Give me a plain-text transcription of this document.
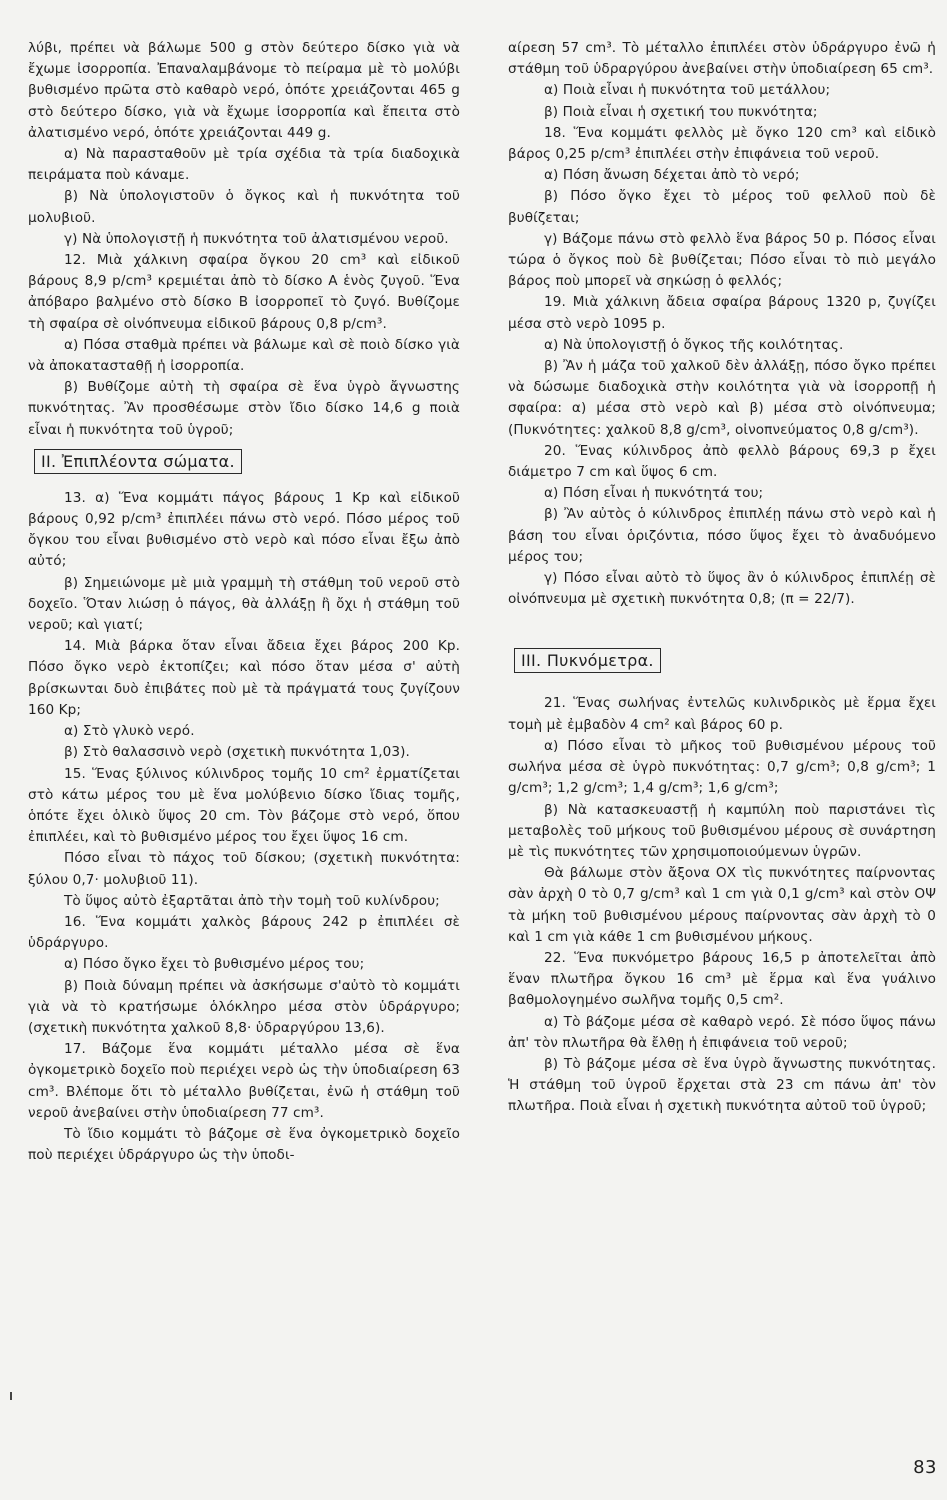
λύβι, πρέπει νὰ βάλωμε 500 g στὸν δεύτερο δίσκο γιὰ νὰ ἔχωμε ἰσορροπία. Ἐπαναλαμβάνομε τὸ πείραμα μὲ τὸ μολύβι βυθισμένο πρῶτα στὸ καθαρὸ νερό, ὁπότε χρειάζονται 465 g στὸ δεύτερο δίσκο, γιὰ νὰ ἔχωμε ἰσορροπία καὶ ἔπειτα στὸ ἀλατισμένο νερό, ὁπότε χρειάζονται 449 g.

α) Νὰ παρασταθοῦν μὲ τρία σχέδια τὰ τρία διαδοχικὰ πειράματα ποὺ κάναμε.

β) Νὰ ὑπολογιστοῦν ὁ ὄγκος καὶ ἡ πυκνότητα τοῦ μολυβιοῦ.

γ) Νὰ ὑπολογιστῇ ἡ πυκνότητα τοῦ ἀλατισμένου νεροῦ.

12. Μιὰ χάλκινη σφαίρα ὄγκου 20 cm³ καὶ εἰδικοῦ βάρους 8,9 p/cm³ κρεμιέται ἀπὸ τὸ δίσκο Α ἑνὸς ζυγοῦ. Ἕνα ἀπόβαρο βαλμένο στὸ δίσκο Β ἰσορροπεῖ τὸ ζυγό. Βυθίζομε τὴ σφαίρα σὲ οἰνόπνευμα εἰδικοῦ βάρους 0,8 p/cm³.

α) Πόσα σταθμὰ πρέπει νὰ βάλωμε καὶ σὲ ποιὸ δίσκο γιὰ νὰ ἀποκατασταθῇ ἡ ἰσορροπία.

β) Βυθίζομε αὐτὴ τὴ σφαίρα σὲ ἕνα ὑγρὸ ἄγνωστης πυκνότητας. Ἂν προσθέσωμε στὸν ἴδιο δίσκο 14,6 g ποιὰ εἶναι ἡ πυκνότητα τοῦ ὑγροῦ;

II. Ἐπιπλέοντα σώματα.

13. α) Ἕνα κομμάτι πάγος βάρους 1 Kp καὶ εἰδικοῦ βάρους 0,92 p/cm³ ἐπιπλέει πάνω στὸ νερό. Πόσο μέρος τοῦ ὄγκου του εἶναι βυθισμένο στὸ νερὸ καὶ πόσο εἶναι ἔξω ἀπὸ αὐτό;

β) Σημειώνομε μὲ μιὰ γραμμὴ τὴ στάθμη τοῦ νεροῦ στὸ δοχεῖο. Ὅταν λιώσῃ ὁ πάγος, θὰ ἀλλάξῃ ἢ ὄχι ἡ στάθμη τοῦ νεροῦ; καὶ γιατί;

14. Μιὰ βάρκα ὅταν εἶναι ἄδεια ἔχει βάρος 200 Kp. Πόσο ὄγκο νερὸ ἐκτοπίζει; καὶ πόσο ὅταν μέσα σ' αὐτὴ βρίσκωνται δυὸ ἐπιβάτες ποὺ μὲ τὰ πράγματά τους ζυγίζουν 160 Kp;

α) Στὸ γλυκὸ νερό.

β) Στὸ θαλασσινὸ νερὸ (σχετικὴ πυκνότητα 1,03).

15. Ἕνας ξύλινος κύλινδρος τομῆς 10 cm² ἐρματίζεται στὸ κάτω μέρος του μὲ ἕνα μολύβενιο δίσκο ἴδιας τομῆς, ὁπότε ἔχει ὁλικὸ ὕψος 20 cm. Τὸν βάζομε στὸ νερό, ὅπου ἐπιπλέει, καὶ τὸ βυθισμένο μέρος του ἔχει ὕψος 16 cm.

Πόσο εἶναι τὸ πάχος τοῦ δίσκου; (σχετικὴ πυκνότητα: ξύλου 0,7· μολυβιοῦ 11).

Τὸ ὕψος αὐτὸ ἐξαρτᾶται ἀπὸ τὴν τομὴ τοῦ κυλίνδρου;

16. Ἕνα κομμάτι χαλκὸς βάρους 242 p ἐπιπλέει σὲ ὑδράργυρο.

α) Πόσο ὄγκο ἔχει τὸ βυθισμένο μέρος του;

β) Ποιὰ δύναμη πρέπει νὰ ἀσκήσωμε σ'αὐτὸ τὸ κομμάτι γιὰ νὰ τὸ κρατήσωμε ὁλόκληρο μέσα στὸν ὑδράργυρο; (σχετικὴ πυκνότητα χαλκοῦ 8,8· ὑδραργύρου 13,6).

17. Βάζομε ἕνα κομμάτι μέταλλο μέσα σὲ ἕνα ὀγκομετρικὸ δοχεῖο ποὺ περιέχει νερὸ ὡς τὴν ὑποδιαίρεση 63 cm³. Βλέπομε ὅτι τὸ μέταλλο βυθίζεται, ἐνῶ ἡ στάθμη τοῦ νεροῦ ἀνεβαίνει στὴν ὑποδιαίρεση 77 cm³.

Τὸ ἴδιο κομμάτι τὸ βάζομε σὲ ἕνα ὀγκομετρικὸ δοχεῖο ποὺ περιέχει ὑδράργυρο ὡς τὴν ὑποδι-

αίρεση 57 cm³. Τὸ μέταλλο ἐπιπλέει στὸν ὑδράργυρο ἐνῶ ἡ στάθμη τοῦ ὑδραργύρου ἀνεβαίνει στὴν ὑποδιαίρεση 65 cm³.

α) Ποιὰ εἶναι ἡ πυκνότητα τοῦ μετάλλου;

β) Ποιὰ εἶναι ἡ σχετική του πυκνότητα;

18. Ἕνα κομμάτι φελλὸς μὲ ὄγκο 120 cm³ καὶ εἰδικὸ βάρος 0,25 p/cm³ ἐπιπλέει στὴν ἐπιφάνεια τοῦ νεροῦ.

α) Πόση ἄνωση δέχεται ἀπὸ τὸ νερό;

β) Πόσο ὄγκο ἔχει τὸ μέρος τοῦ φελλοῦ ποὺ δὲ βυθίζεται;

γ) Βάζομε πάνω στὸ φελλὸ ἕνα βάρος 50 p. Πόσος εἶναι τώρα ὁ ὄγκος ποὺ δὲ βυθίζεται; Πόσο εἶναι τὸ πιὸ μεγάλο βάρος ποὺ μπορεῖ νὰ σηκώσῃ ὁ φελλός;

19. Μιὰ χάλκινη ἄδεια σφαίρα βάρους 1320 p, ζυγίζει μέσα στὸ νερὸ 1095 p.

α) Νὰ ὑπολογιστῇ ὁ ὄγκος τῆς κοιλότητας.

β) Ἂν ἡ μάζα τοῦ χαλκοῦ δὲν ἀλλάξῃ, πόσο ὄγκο πρέπει νὰ δώσωμε διαδοχικὰ στὴν κοιλότητα γιὰ νὰ ἰσορροπῇ ἡ σφαίρα: α) μέσα στὸ νερὸ καὶ β) μέσα στὸ οἰνόπνευμα; (Πυκνότητες: χαλκοῦ 8,8 g/cm³, οἰνοπνεύματος 0,8 g/cm³).

20. Ἕνας κύλινδρος ἀπὸ φελλὸ βάρους 69,3 p ἔχει διάμετρο 7 cm καὶ ὕψος 6 cm.

α) Πόση εἶναι ἡ πυκνότητά του;

β) Ἂν αὐτὸς ὁ κύλινδρος ἐπιπλέῃ πάνω στὸ νερὸ καὶ ἡ βάση του εἶναι ὁριζόντια, πόσο ὕψος ἔχει τὸ ἀναδυόμενο μέρος του;

γ) Πόσο εἶναι αὐτὸ τὸ ὕψος ἂν ὁ κύλινδρος ἐπιπλέῃ σὲ οἰνόπνευμα μὲ σχετικὴ πυκνότητα 0,8; (π = 22/7).

III. Πυκνόμετρα.

21. Ἕνας σωλήνας ἐντελῶς κυλινδρικὸς μὲ ἕρμα ἔχει τομὴ μὲ ἐμβαδὸν 4 cm² καὶ βάρος 60 p.

α) Πόσο εἶναι τὸ μῆκος τοῦ βυθισμένου μέρους τοῦ σωλήνα μέσα σὲ ὑγρὸ πυκνότητας: 0,7 g/cm³; 0,8 g/cm³; 1 g/cm³; 1,2 g/cm³; 1,4 g/cm³; 1,6 g/cm³;

β) Νὰ κατασκευαστῇ ἡ καμπύλη ποὺ παριστάνει τὶς μεταβολὲς τοῦ μήκους τοῦ βυθισμένου μέρους σὲ συνάρτηση μὲ τὶς πυκνότητες τῶν χρησιμοποιούμενων ὑγρῶν.

Θὰ βάλωμε στὸν ἄξονα ΟΧ τὶς πυκνότητες παίρνοντας σὰν ἀρχὴ 0 τὸ 0,7 g/cm³ καὶ 1 cm γιὰ 0,1 g/cm³ καὶ στὸν ΟΨ τὰ μήκη τοῦ βυθισμένου μέρους παίρνοντας σὰν ἀρχὴ τὸ 0 καὶ 1 cm γιὰ κάθε 1 cm βυθισμένου μήκους.

22. Ἕνα πυκνόμετρο βάρους 16,5 p ἀποτελεῖται ἀπὸ ἕναν πλωτῆρα ὄγκου 16 cm³ μὲ ἕρμα καὶ ἕνα γυάλινο βαθμολογημένο σωλῆνα τομῆς 0,5 cm².

α) Τὸ βάζομε μέσα σὲ καθαρὸ νερό. Σὲ πόσο ὕψος πάνω ἀπ' τὸν πλωτῆρα θὰ ἔλθῃ ἡ ἐπιφάνεια τοῦ νεροῦ;

β) Τὸ βάζομε μέσα σὲ ἕνα ὑγρὸ ἄγνωστης πυκνότητας. Ἡ στάθμη τοῦ ὑγροῦ ἔρχεται στὰ 23 cm πάνω ἀπ' τὸν πλωτῆρα. Ποιὰ εἶναι ἡ σχετικὴ πυκνότητα αὐτοῦ τοῦ ὑγροῦ;

83
